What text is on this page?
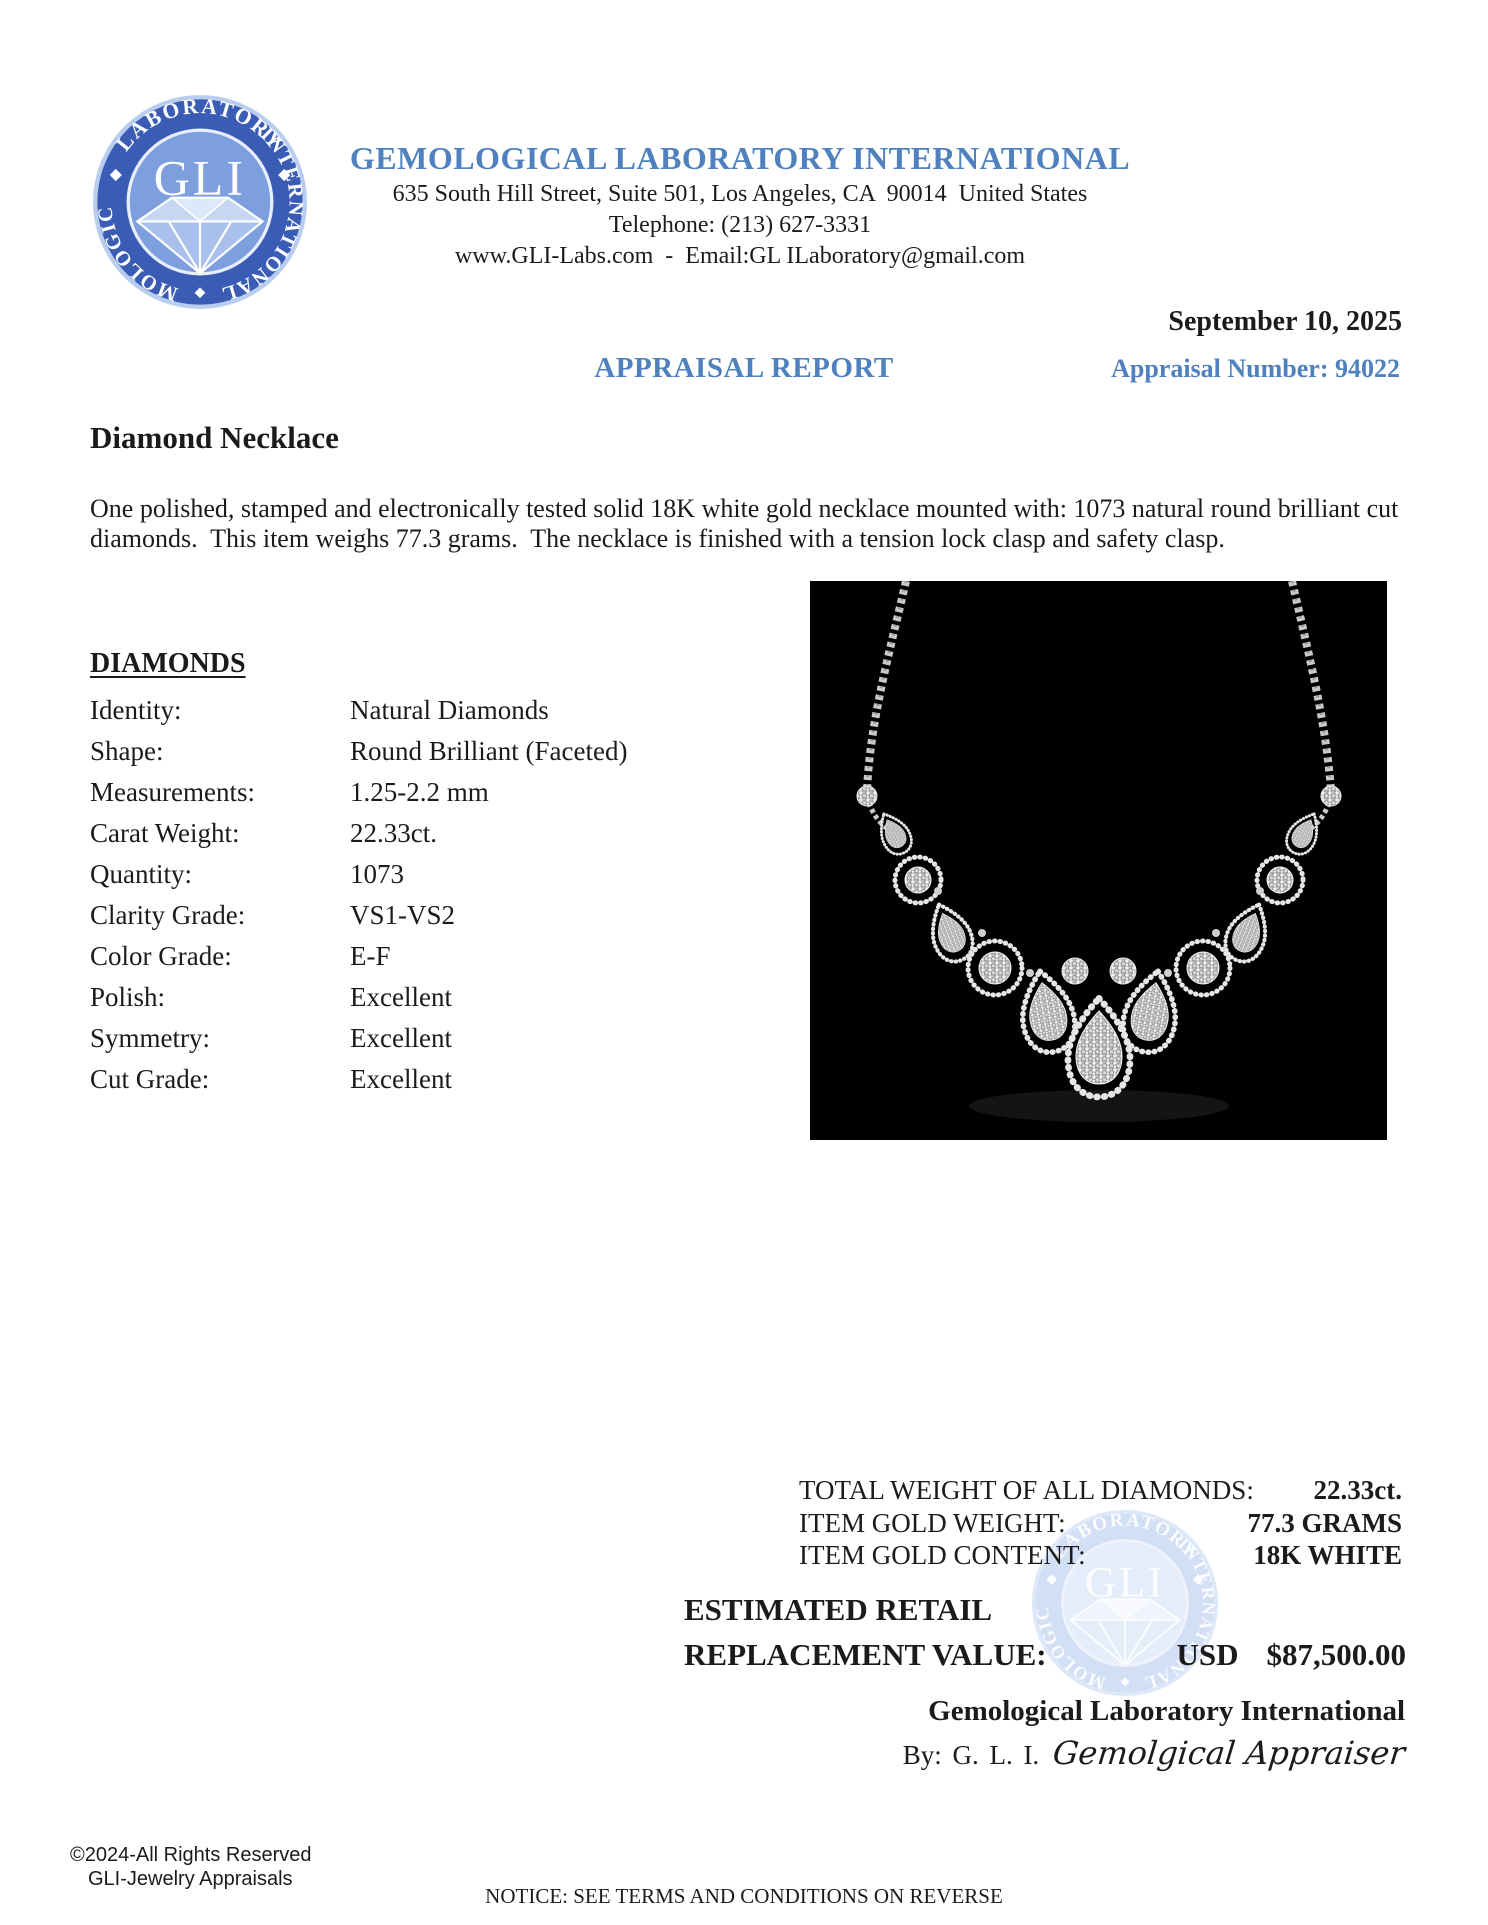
GEMOLOGICAL LABORATORY INTERNATIONAL
635 South Hill Street, Suite 501, Los Angeles, CA  90014  United States
Telephone: (213) 627-3331
www.GLI-Labs.com  -  Email:GL ILaboratory@gmail.com
September 10, 2025
APPRAISAL REPORT	Appraisal Number: 94022
Diamond Necklace
One polished, stamped and electronically tested solid 18K white gold necklace mounted with: 1073 natural round brilliant cut diamonds.  This item weighs 77.3 grams.  The necklace is finished with a tension lock clasp and safety clasp.
DIAMONDS
Identity:	Natural Diamonds
Shape:	Round Brilliant (Faceted)
Measurements:	1.25-2.2 mm
Carat Weight:	22.33ct.
Quantity:	1073
Clarity Grade:	VS1-VS2
Color Grade:	E-F
Polish:	Excellent
Symmetry:	Excellent
Cut Grade:	Excellent
TOTAL WEIGHT OF ALL DIAMONDS: 22.33ct.
ITEM GOLD WEIGHT:	77.3 GRAMS
ITEM GOLD CONTENT:	18K WHITE
ESTIMATED RETAIL
REPLACEMENT VALUE:	USD $87,500.00
Gemological Laboratory International
By: G. L. I. Gemolgical Appraiser
©2024-All Rights Reserved
GLI-Jewelry Appraisals
NOTICE: SEE TERMS AND CONDITIONS ON REVERSE
